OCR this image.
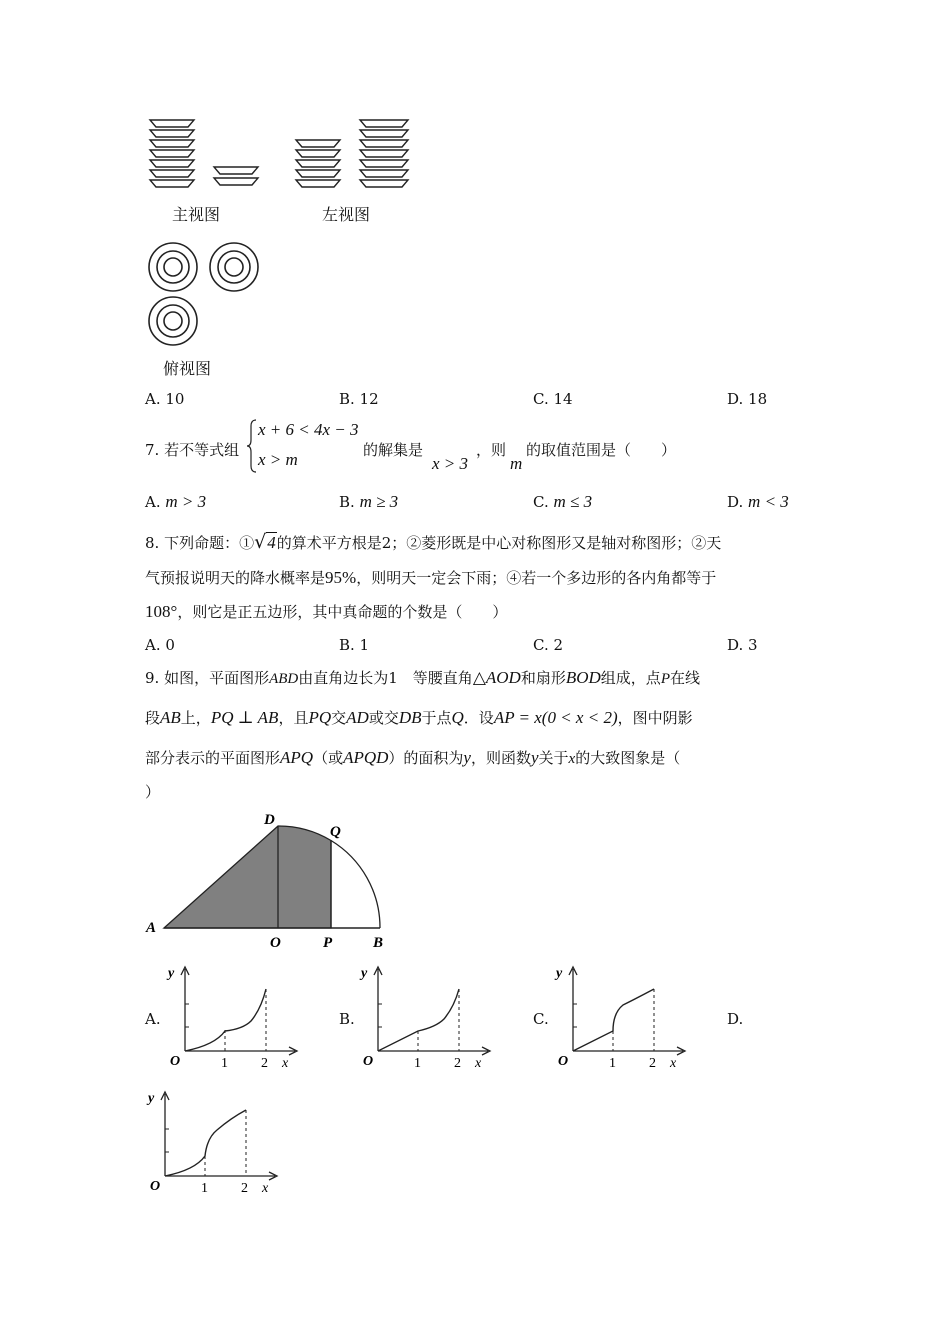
主视图	左视图
俯视图
A. 10	B. 12	C. 14	D. 18
7. 若不等式组
x + 6 < 4x − 3
x > m	的解集是
x > 3
，则
m
的取值范围是（　　）
A. m > 3	B. m ≥ 3	C. m ≤ 3	D. m < 3
8. 下列命题：①√4的算术平方根是2；②菱形既是中心对称图形又是轴对称图形；②天
气预报说明天的降水概率是95%，则明天一定会下雨；④若一个多边形的各内角都等于
108°，则它是正五边形，其中真命题的个数是（　　）
A. 0	B. 1	C. 2	D. 3
9. 如图，平面图形ABD由直角边长为1　等腰直角△AOD和扇形BOD组成，点P在线
段AB上，PQ ⊥ AB，且PQ交AD或交DB于点Q．设AP = x(0 < x < 2)，图中阴影
部分表示的平面图形APQ（或APQD）的面积为y，则函数y关于x的大致图象是（
）
A
D
Q
O	P	B
A.	B.	C.	D.
y
O	1 2 x
y
O	1 2 x
y
O	1 2 x
y
O	1 2 x
